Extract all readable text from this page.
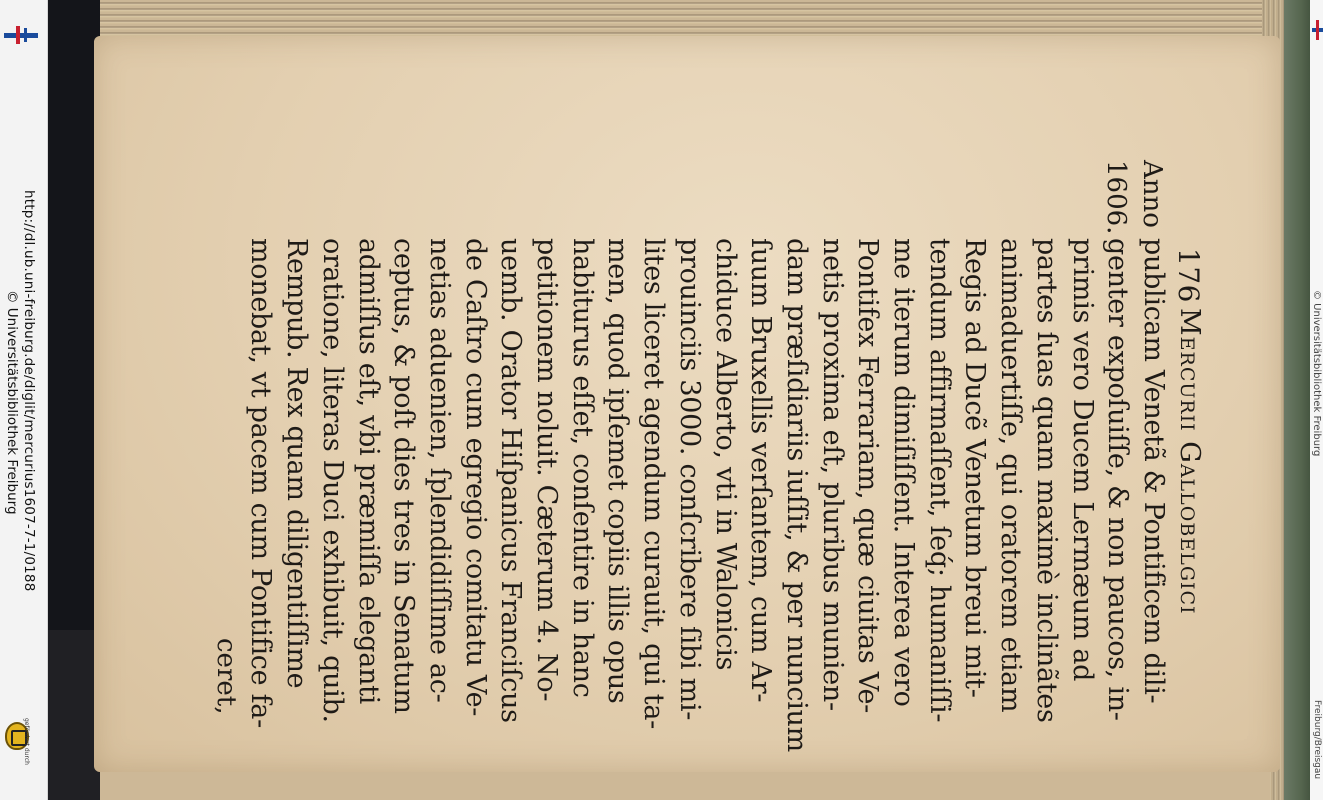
http://dl.ub.uni-freiburg.de/diglit/mercurius1607-7-1/0188
© Universitätsbibliothek Freiburg
gefördert durch
© Universitätsbibliothek Freiburg
Freiburg/Breisgau
176
Mercurii Gallobelgici
Anno
1606.
publicam Venetã & Pontificem dili-
genter expoſuiſſe, & non paucos, in-
primis vero Ducem Lermæum ad
partes ſuas quam maximè inclinãtes
animaduertiſſe, qui oratorem etiam
Regis ad Ducẽ Venetum breui mit-
tendum affirmaſſent, ſeq́; humaniſſi-
me iterum dimiſiſſent. Interea vero
Pontifex Ferrariam, quæ ciuitas Ve-
netis proxima eſt, pluribus munien-
dam præſidiariis iuſſit, & per nuncium
ſuum Bruxellis verſantem, cum Ar-
chiduce Alberto, vti in Walonicis
prouinciis 3000. conſcribere ſibi mi-
lites liceret agendum curauit, qui ta-
men, quod ipſemet copiis illis opus
habiturus eſſet, conſentire in hanc
petitionem noluit. Cæterum 4. No-
uemb. Orator Hiſpanicus Franciſcus
de Caſtro cum egregio comitatu Ve-
netias aduenien, ſplendidiſſime ac-
ceptus, & poſt dies tres in Senatum
admiſſus eſt, vbi præmiſſa eleganti
oratione, literas Duci exhibuit, quib.
Rempub. Rex quam diligentiſſime
monebat, vt pacem cum Pontifice fa-
ceret,
